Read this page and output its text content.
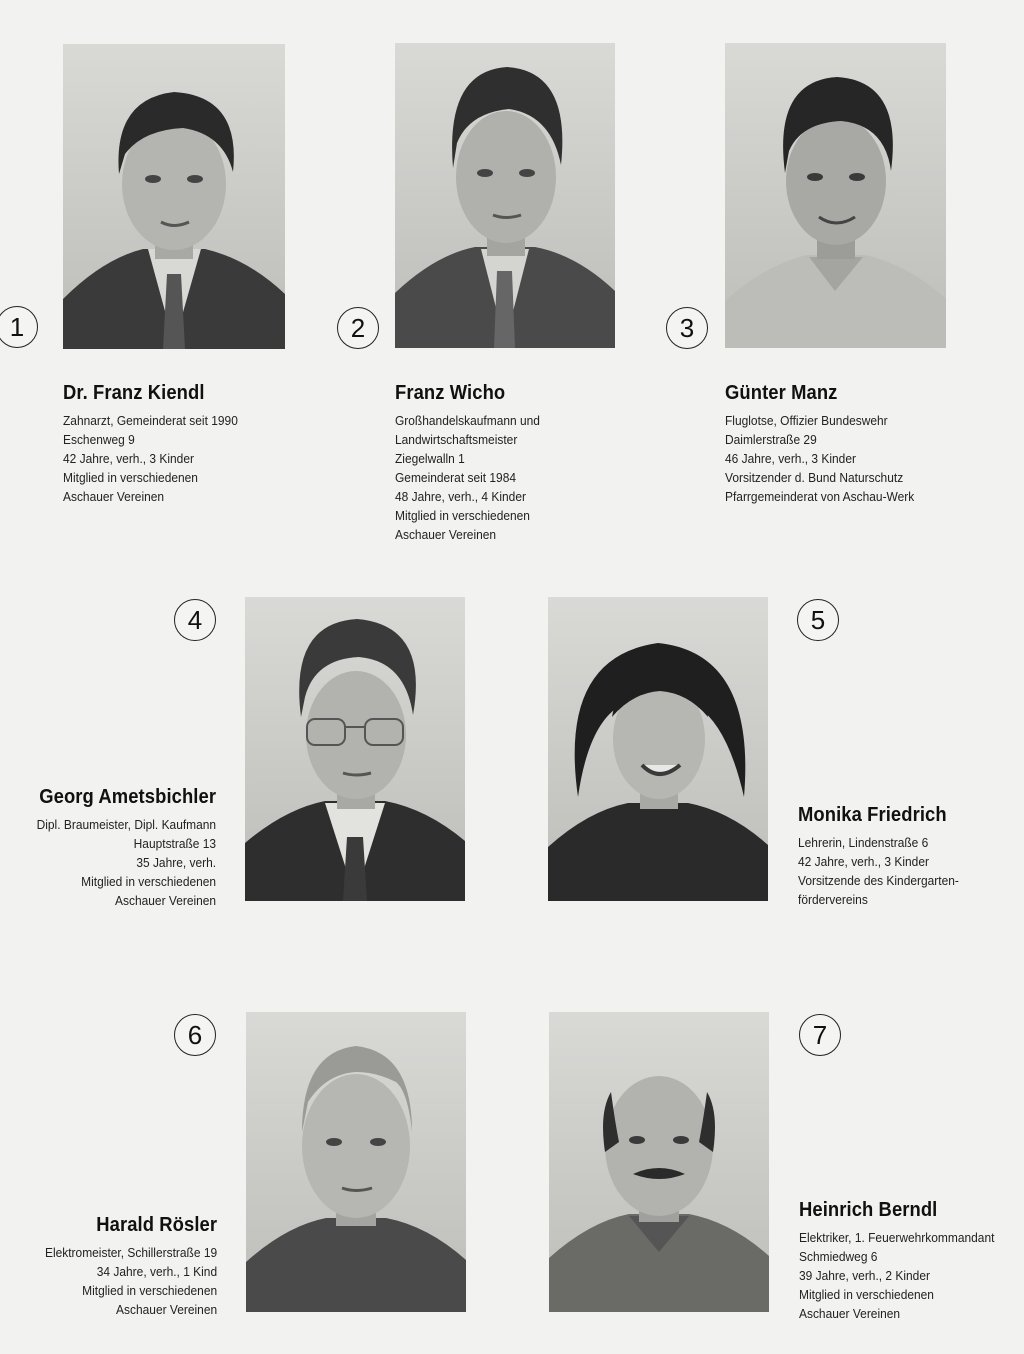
1
Dr. Franz Kiendl
Zahnarzt, Gemeinderat seit 1990
Eschenweg 9
42 Jahre, verh., 3 Kinder
Mitglied in verschiedenen
Aschauer Vereinen
2
Franz Wicho
Großhandelskaufmann und
Landwirtschaftsmeister
Ziegelwalln 1
Gemeinderat seit 1984
48 Jahre, verh., 4 Kinder
Mitglied in verschiedenen
Aschauer Vereinen
3
Günter Manz
Fluglotse, Offizier Bundeswehr
Daimlerstraße 29
46 Jahre, verh., 3 Kinder
Vorsitzender d. Bund Naturschutz
Pfarrgemeinderat von Aschau-Werk
4
Georg Ametsbichler
Dipl. Braumeister, Dipl. Kaufmann
Hauptstraße 13
35 Jahre, verh.
Mitglied in verschiedenen
Aschauer Vereinen
5
Monika Friedrich
Lehrerin, Lindenstraße 6
42 Jahre, verh., 3 Kinder
Vorsitzende des Kindergarten-
fördervereins
6
Harald Rösler
Elektromeister, Schillerstraße 19
34 Jahre, verh., 1 Kind
Mitglied in verschiedenen
Aschauer Vereinen
7
Heinrich Berndl
Elektriker, 1. Feuerwehrkommandant
Schmiedweg 6
39 Jahre, verh., 2 Kinder
Mitglied in verschiedenen
Aschauer Vereinen
